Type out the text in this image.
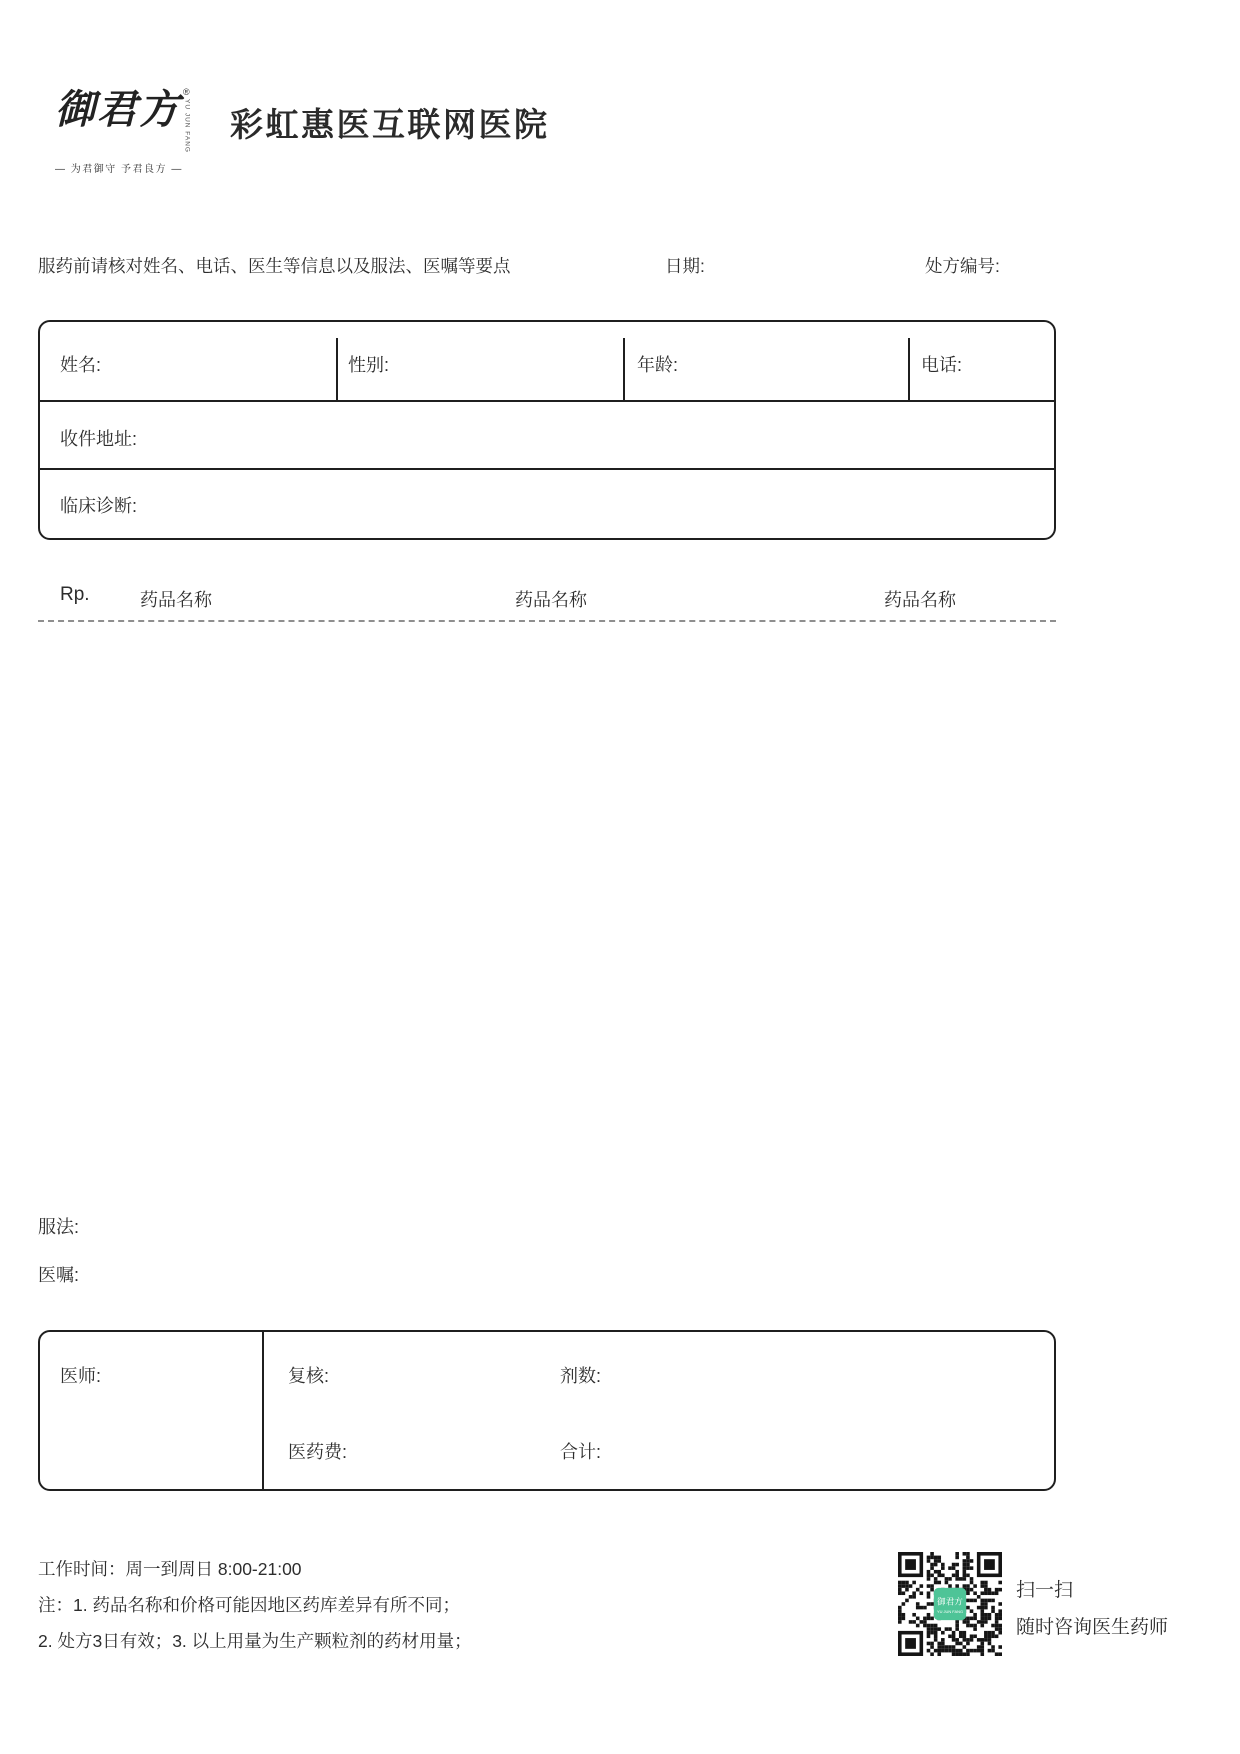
御君方 ®
YU JUN FANG
— 为君御守 予君良方 —
彩虹惠医互联网医院
服药前请核对姓名、电话、医生等信息以及服法、医嘱等要点	日期:	处方编号:
姓名:	性别:	年龄:	电话:
收件地址:
临床诊断:
Rp.	药品名称	药品名称	药品名称
服法:
医嘱:
医师:	复核:	剂数:
医药费:	合计:
工作时间：周一到周日 8:00-21:00
注：1. 药品名称和价格可能因地区药库差异有所不同；
2. 处方3日有效；3. 以上用量为生产颗粒剂的药材用量；
御君方
YU JUN FANG
扫一扫
随时咨询医生药师
